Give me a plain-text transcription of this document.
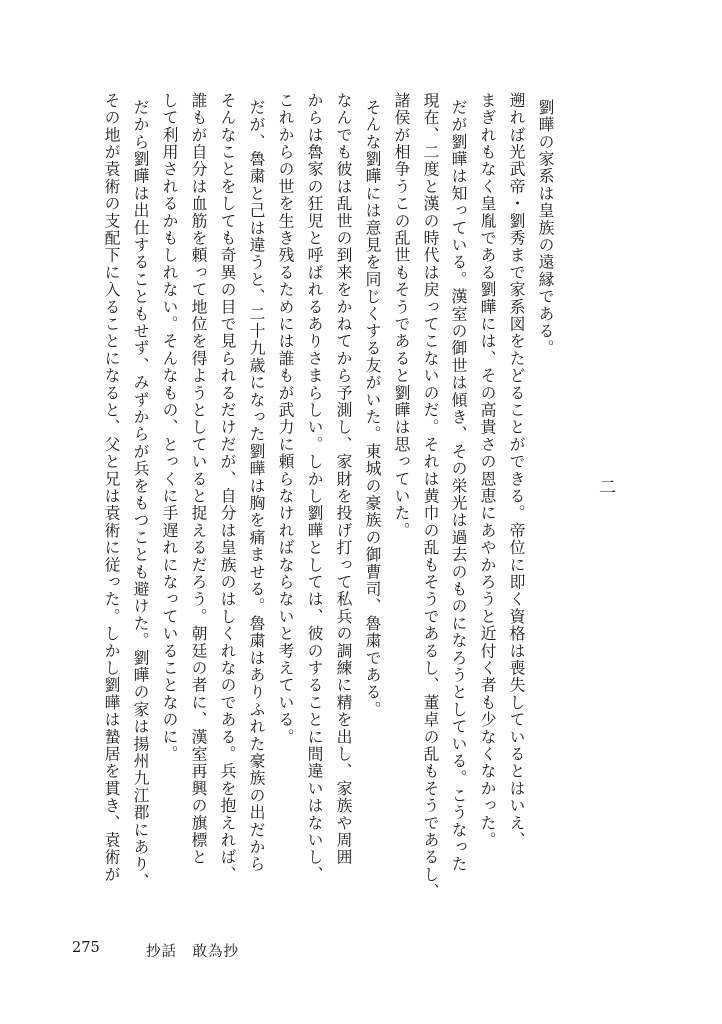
二
劉曄の家系は皇族の遠縁である。
遡れば光武帝・劉秀まで家系図をたどることができる。帝位に即く資格は喪失しているとはいえ、
まぎれもなく皇胤である劉曄には、その高貴さの恩恵にあやかろうと近付く者も少なくなかった。
だが劉曄は知っている。漢室の御世は傾き、その栄光は過去のものになろうとしている。こうなった
現在、二度と漢の時代は戻ってこないのだ。それは黄巾の乱もそうであるし、董卓の乱もそうであるし、
諸侯が相争うこの乱世もそうであると劉曄は思っていた。
そんな劉曄には意見を同じくする友がいた。東城の豪族の御曹司、魯粛である。
なんでも彼は乱世の到来をかねてから予測し、家財を投げ打って私兵の調練に精を出し、家族や周囲
からは魯家の狂児と呼ばれるありさまらしい。しかし劉曄としては、彼のすることに間違いはないし、
これからの世を生き残るためには誰もが武力に頼らなければならないと考えている。
だが、魯粛と己は違うと、二十九歳になった劉曄は胸を痛ませる。魯粛はありふれた豪族の出だから
そんなことをしても奇異の目で見られるだけだが、自分は皇族のはしくれなのである。兵を抱えれば、
誰もが自分は血筋を頼って地位を得ようとしていると捉えるだろう。朝廷の者に、漢室再興の旗標と
して利用されるかもしれない。そんなもの、とっくに手遅れになっていることなのに。
だから劉曄は出仕することもせず、みずからが兵をもつことも避けた。劉曄の家は揚州九江郡にあり、
その地が袁術の支配下に入ることになると、父と兄は袁術に従った。しかし劉曄は蟄居を貫き、袁術が
275	抄話　敢為抄
